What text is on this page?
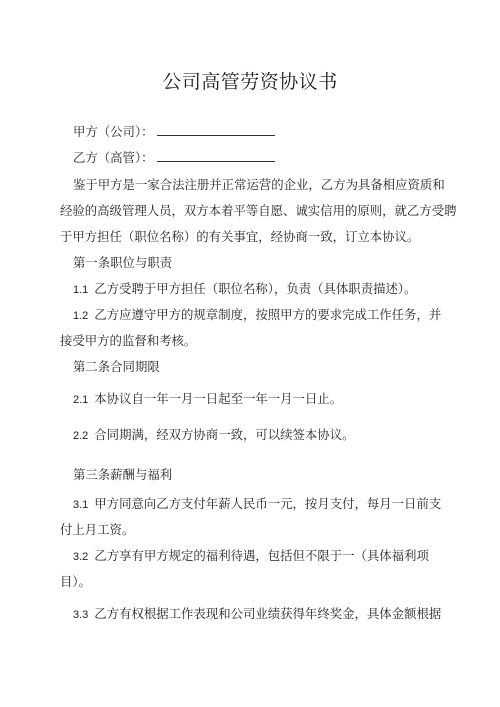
公司高管劳资协议书
甲方（公司）：
乙方（高管）：
鉴于甲方是一家合法注册并正常运营的企业，乙方为具备相应资质和
经验的高级管理人员，双方本着平等自愿、诚实信用的原则，就乙方受聘
于甲方担任（职位名称）的有关事宜，经协商一致，订立本协议。
第一条职位与职责
1.1 乙方受聘于甲方担任（职位名称），负责（具体职责描述）。
1.2 乙方应遵守甲方的规章制度，按照甲方的要求完成工作任务，并
接受甲方的监督和考核。
第二条合同期限
2.1 本协议自一年一月一日起至一年一月一日止。
2.2 合同期满，经双方协商一致，可以续签本协议。
第三条薪酬与福利
3.1 甲方同意向乙方支付年薪人民币一元，按月支付，每月一日前支
付上月工资。
3.2 乙方享有甲方规定的福利待遇，包括但不限于一（具体福利项
目）。
3.3 乙方有权根据工作表现和公司业绩获得年终奖金，具体金额根据
